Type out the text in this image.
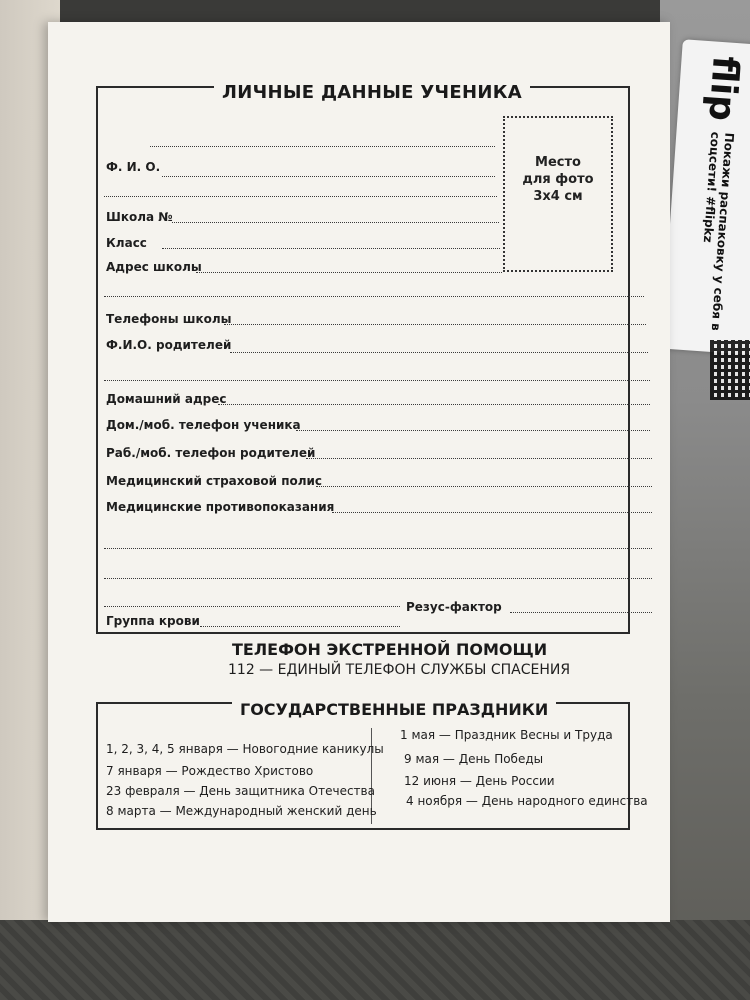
flip
Покажи распаковку у себя в соцсети! #flipkz
ЛИЧНЫЕ ДАННЫЕ УЧЕНИКА
Место
для фото
3х4 см
Ф. И. О.
Школа №
Класс
Адрес школы
Телефоны школы
Ф.И.О. родителей
Домашний адрес
Дом./моб. телефон ученика
Раб./моб. телефон родителей
Медицинский страховой полис
Медицинские противопоказания
Группа крови
Резус-фактор
ТЕЛЕФОН ЭКСТРЕННОЙ ПОМОЩИ
112 — ЕДИНЫЙ ТЕЛЕФОН СЛУЖБЫ СПАСЕНИЯ
ГОСУДАРСТВЕННЫЕ ПРАЗДНИКИ
1, 2, 3, 4, 5 января — Новогодние каникулы
7 января — Рождество Христово
23 февраля — День защитника Отечества
8 марта — Международный женский день
1 мая — Праздник Весны и Труда
9 мая — День Победы
12 июня — День России
4 ноября — День народного единства
